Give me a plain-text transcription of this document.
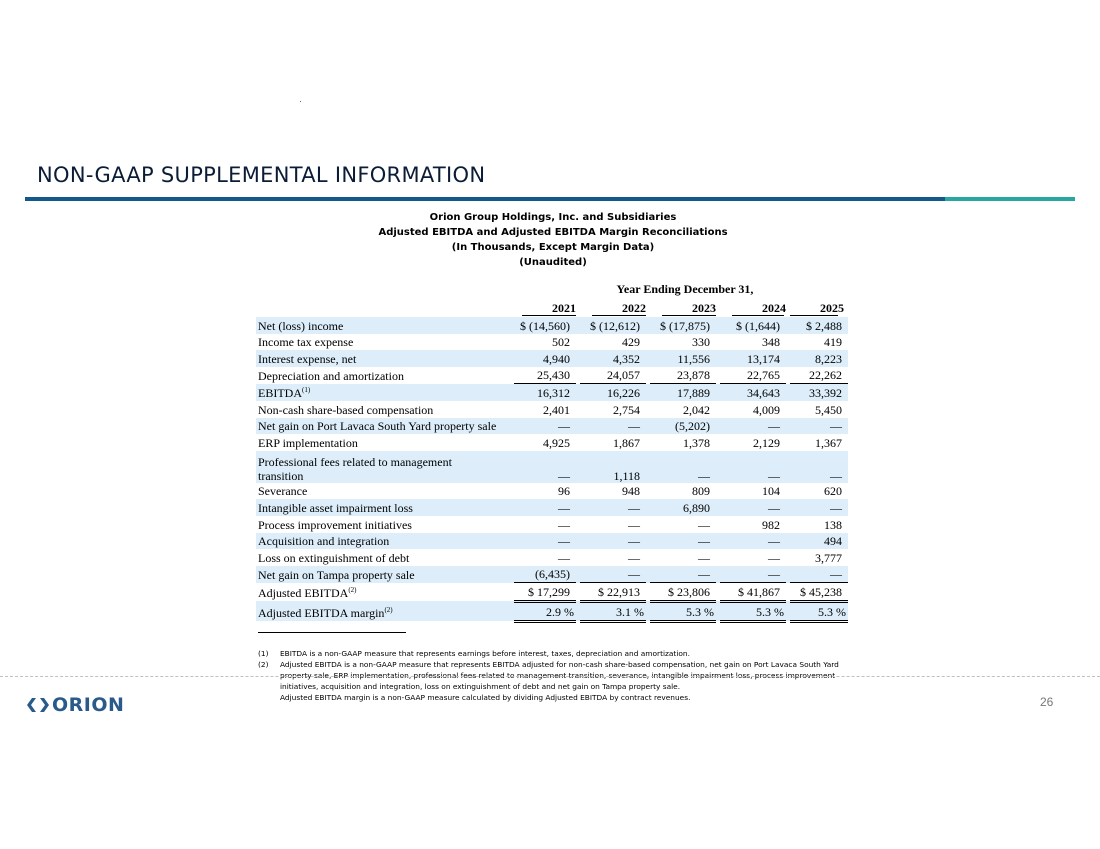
NON-GAAP SUPPLEMENTAL INFORMATION
Orion Group Holdings, Inc. and Subsidiaries
Adjusted EBITDA and Adjusted EBITDA Margin Reconciliations
(In Thousands, Except Margin Data)
(Unaudited)
Year Ending December 31,
2021	2022	2023	2024	2025
Net (loss) income	$ (14,560)		$ (12,612)		$ (17,875)		$ (1,644)		$ 2,488
Income tax expense	502		429		330		348		419
Interest expense, net	4,940		4,352		11,556		13,174		8,223
Depreciation and amortization	25,430		24,057		23,878		22,765		22,262
EBITDA$^{(1)}$	16,312		16,226		17,889		34,643		33,392
Non-cash share-based compensation	2,401		2,754		2,042		4,009		5,450
Net gain on Port Lavaca South Yard property sale	—		—		(5,202)		—		—
ERP implementation	4,925		1,867		1,378		2,129		1,367
Professional fees related to management
transition	—		1,118		—		—		—
Severance	96		948		809		104		620
Intangible asset impairment loss	—		—		6,890		—		—
Process improvement initiatives	—		—		—		982		138
Acquisition and integration	—		—		—		—		494
Loss on extinguishment of debt	—		—		—		—		3,777
Net gain on Tampa property sale	(6,435)		—		—		—		—
Adjusted EBITDA$^{(2)}$	$ 17,299		$ 22,913		$ 23,806		$ 41,867		$ 45,238
Adjusted EBITDA margin$^{(2)}$	2.9 %		3.1 %		5.3 %		5.3 %		5.3 %
(1)	EBITDA is a non-GAAP measure that represents earnings before interest, taxes, depreciation and amortization.
(2)	Adjusted EBITDA is a non-GAAP measure that represents EBITDA adjusted for non-cash share-based compensation, net gain on Port Lavaca South Yard property sale, ERP implementation, professional fees related to management transition, severance, intangible impairment loss, process improvement initiatives, acquisition and integration, loss on extinguishment of debt and net gain on Tampa property sale.
Adjusted EBITDA margin is a non-GAAP measure calculated by dividing Adjusted EBITDA by contract revenues.
ORION	26
